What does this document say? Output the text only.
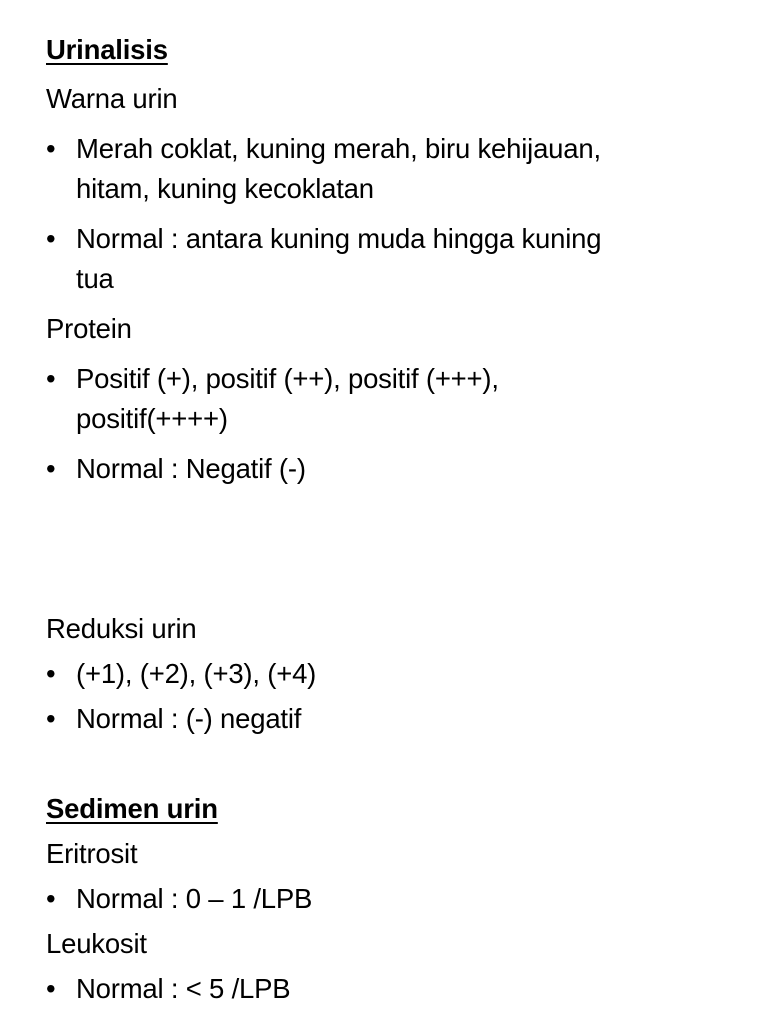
Urinalisis
Warna urin
• Merah coklat, kuning merah, biru kehijauan,
hitam, kuning kecoklatan
• Normal : antara kuning muda hingga kuning
tua
Protein
• Positif (+), positif (++), positif (+++),
positif(++++)
• Normal : Negatif (-)
Reduksi urin
• (+1), (+2), (+3), (+4)
• Normal : (-) negatif
Sedimen urin
Eritrosit
• Normal : 0 – 1 /LPB
Leukosit
• Normal : < 5 /LPB
